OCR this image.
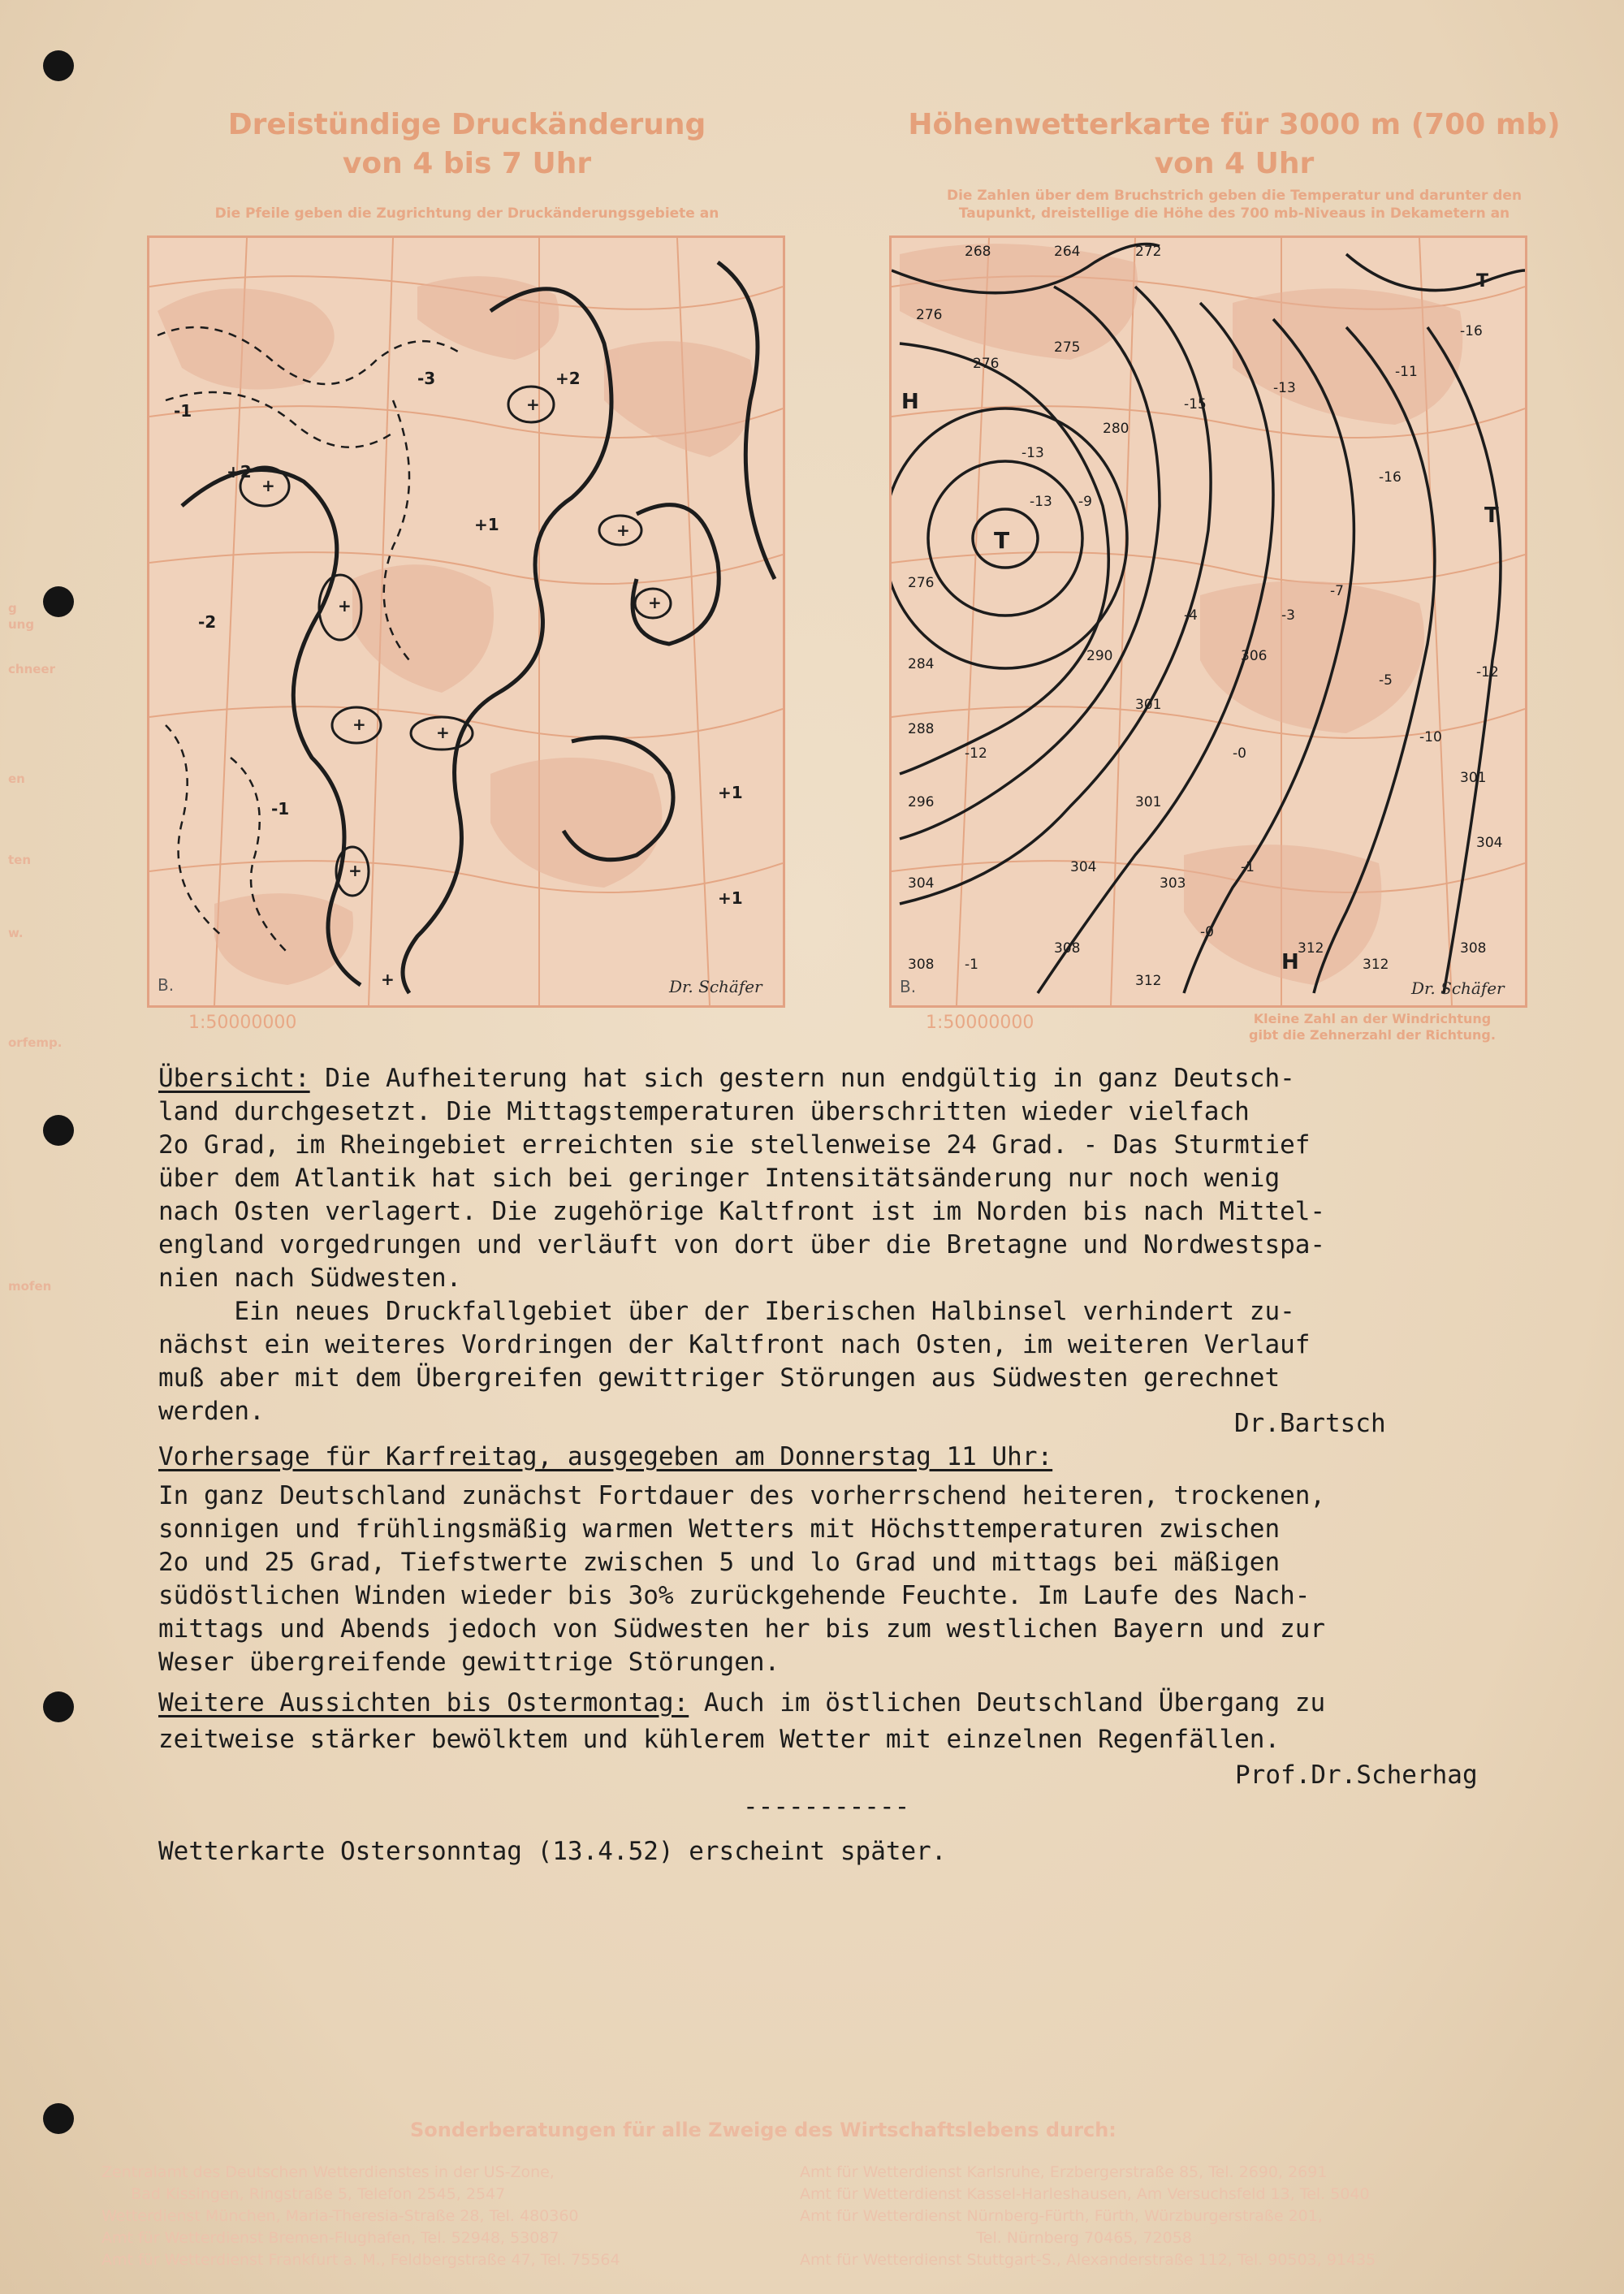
g
ung
chneer
en
ten
w.
orfemp.
mofen
Dreistündige Druckänderung
von 4 bis 7 Uhr
Die Pfeile geben die Zugrichtung der Druckänderungsgebiete an
+
+
+
+
+	+
+
+
+
+2
+2
+1
-1
-2
-3
+1
+1
-1
B.	Dr. Schäfer
1:50000000
Höhenwetterkarte für 3000 m (700 mb)
von 4 Uhr
Die Zahlen über dem Bruchstrich geben die Temperatur und darunter den
Taupunkt, dreistellige die Höhe des 700 mb-Niveaus in Dekametern an
T
T
H
H
T
268	264	272
276
276
275
280
-15
-13
-11
-16
-16
-13
-13 -9
276
284
288
296
304
308
-12
-1
290
301
-4
306
-3
-7
-5
-10
-12
301
-0
301
304
303
-1
312
312
312
308
304
-0
308
B.	Dr. Schäfer
1:50000000	Kleine Zahl an der Windrichtung
gibt die Zehnerzahl der Richtung.
Übersicht: Die Aufheiterung hat sich gestern nun endgültig in ganz Deutsch-
land durchgesetzt. Die Mittagstemperaturen überschritten wieder vielfach
2o Grad, im Rheingebiet erreichten sie stellenweise 24 Grad. - Das Sturmtief
über dem Atlantik hat sich bei geringer Intensitätsänderung nur noch wenig
nach Osten verlagert. Die zugehörige Kaltfront ist im Norden bis nach Mittel-
england vorgedrungen und verläuft von dort über die Bretagne und Nordwestspa-
nien nach Südwesten.
Ein neues Druckfallgebiet über der Iberischen Halbinsel verhindert zu-
nächst ein weiteres Vordringen der Kaltfront nach Osten, im weiteren Verlauf
muß aber mit dem Übergreifen gewittriger Störungen aus Südwesten gerechnet
werden.	Dr.Bartsch
Vorhersage für Karfreitag, ausgegeben am Donnerstag 11 Uhr:
In ganz Deutschland zunächst Fortdauer des vorherrschend heiteren, trockenen,
sonnigen und frühlingsmäßig warmen Wetters mit Höchsttemperaturen zwischen
2o und 25 Grad, Tiefstwerte zwischen 5 und lo Grad und mittags bei mäßigen
südöstlichen Winden wieder bis 3o% zurückgehende Feuchte. Im Laufe des Nach-
mittags und Abends jedoch von Südwesten her bis zum westlichen Bayern und zur
Weser übergreifende gewittrige Störungen.
Weitere Aussichten bis Ostermontag: Auch im östlichen Deutschland Übergang zu
zeitweise stärker bewölktem und kühlerem Wetter mit einzelnen Regenfällen.
Prof.Dr.Scherhag
-----------
Wetterkarte Ostersonntag (13.4.52) erscheint später.
Sonderberatungen für alle Zweige des Wirtschaftslebens durch:
Zentralamt des Deutschen Wetterdienstes in der US-Zone,
Bad Kissingen, Ringstraße 5, Telefon 2545, 2547
Wetterdienst München, Maria-Theresia-Straße 28, Tel. 480360
Amt für Wetterdienst Bremen-Flughafen, Tel. 52948, 53087
Amt für Wetterdienst Frankfurt a. M., Feldbergstraße 47, Tel. 75564
Amt für Wetterdienst Karlsruhe, Erzbergerstraße 85, Tel. 2690, 2691
Amt für Wetterdienst Kassel-Harleshausen, Am Versuchsfeld 13, Tel. 5040
Amt für Wetterdienst Nürnberg-Fürth, Fürth, Würzburgerstraße 201,
Tel. Nürnberg 70465, 72058
Amt für Wetterdienst Stuttgart-S., Alexanderstraße 112, Tel. 90503, 91435
